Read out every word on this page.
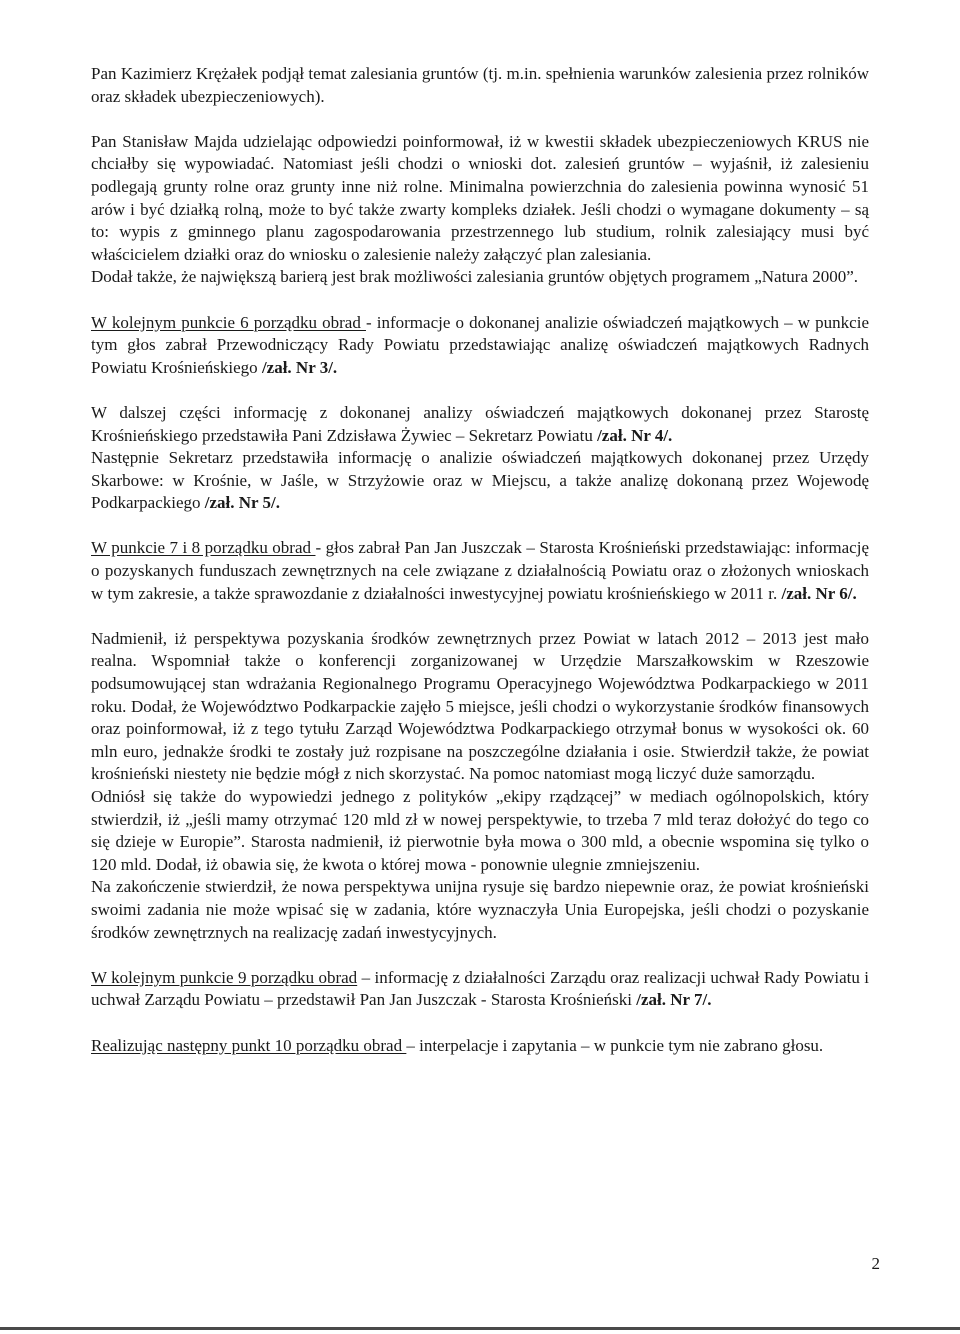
Pan Kazimierz Krężałek podjął temat zalesiania gruntów (tj. m.in. spełnienia warunków zalesienia przez rolników oraz składek ubezpieczeniowych).

Pan Stanisław Majda udzielając odpowiedzi poinformował, iż w kwestii składek ubezpieczeniowych KRUS nie chciałby się wypowiadać. Natomiast jeśli chodzi o wnioski dot. zalesień gruntów – wyjaśnił, iż zalesieniu podlegają grunty rolne oraz grunty inne niż rolne. Minimalna powierzchnia do zalesienia powinna wynosić 51 arów i być działką rolną, może to być także zwarty kompleks działek. Jeśli chodzi o wymagane dokumenty – są to: wypis z gminnego planu zagospodarowania przestrzennego lub studium, rolnik zalesiający musi być właścicielem działki oraz do wniosku o zalesienie należy załączyć plan zalesiania.

Dodał także, że największą barierą jest brak możliwości zalesiania gruntów objętych programem „Natura 2000”.

W kolejnym punkcie 6 porządku obrad - informacje o dokonanej analizie oświadczeń majątkowych – w punkcie tym głos zabrał Przewodniczący Rady Powiatu przedstawiając analizę oświadczeń majątkowych Radnych Powiatu Krośnieńskiego /zał. Nr 3/.

W dalszej części informację z dokonanej analizy oświadczeń majątkowych dokonanej przez Starostę Krośnieńskiego przedstawiła Pani Zdzisława Żywiec – Sekretarz Powiatu /zał. Nr 4/.

Następnie Sekretarz przedstawiła informację o analizie oświadczeń majątkowych dokonanej przez Urzędy Skarbowe: w Krośnie, w Jaśle, w Strzyżowie oraz w Miejscu, a także analizę dokonaną przez Wojewodę Podkarpackiego /zał. Nr 5/.

W punkcie 7 i 8 porządku obrad - głos zabrał Pan Jan Juszczak – Starosta Krośnieński przedstawiając: informację o pozyskanych funduszach zewnętrznych na cele związane z działalnością Powiatu oraz o złożonych wnioskach w tym zakresie, a także sprawozdanie z działalności inwestycyjnej powiatu krośnieńskiego w 2011 r. /zał. Nr 6/.

Nadmienił, iż perspektywa pozyskania środków zewnętrznych przez Powiat w latach 2012 – 2013 jest mało realna. Wspomniał także o konferencji zorganizowanej w Urzędzie Marszałkowskim w Rzeszowie podsumowującej stan wdrażania Regionalnego Programu Operacyjnego Województwa Podkarpackiego w 2011 roku. Dodał, że Województwo Podkarpackie zajęło 5 miejsce, jeśli chodzi o wykorzystanie środków finansowych oraz poinformował, iż z tego tytułu Zarząd Województwa Podkarpackiego otrzymał bonus w wysokości ok. 60 mln euro, jednakże środki te zostały już rozpisane na poszczególne działania i osie. Stwierdził także, że powiat krośnieński niestety nie będzie mógł z nich skorzystać. Na pomoc natomiast mogą liczyć duże samorządu.

Odniósł się także do wypowiedzi jednego z polityków „ekipy rządzącej” w mediach ogólnopolskich, który stwierdził, iż „jeśli mamy otrzymać 120 mld zł w nowej perspektywie, to trzeba 7 mld teraz dołożyć do tego co się dzieje w Europie”. Starosta nadmienił, iż pierwotnie była mowa o 300 mld, a obecnie wspomina się tylko o 120 mld. Dodał, iż obawia się, że kwota o której mowa - ponownie ulegnie zmniejszeniu.

Na zakończenie stwierdził, że nowa perspektywa unijna rysuje się bardzo niepewnie oraz, że powiat krośnieński swoimi zadania nie może wpisać się w zadania, które wyznaczyła Unia Europejska, jeśli chodzi o pozyskanie środków zewnętrznych na realizację zadań inwestycyjnych.

W kolejnym punkcie 9 porządku obrad – informację z działalności Zarządu oraz realizacji uchwał Rady Powiatu i uchwał Zarządu Powiatu – przedstawił Pan Jan Juszczak - Starosta Krośnieński /zał. Nr 7/.

Realizując następny punkt 10 porządku obrad – interpelacje i zapytania – w punkcie tym nie zabrano głosu.

2
